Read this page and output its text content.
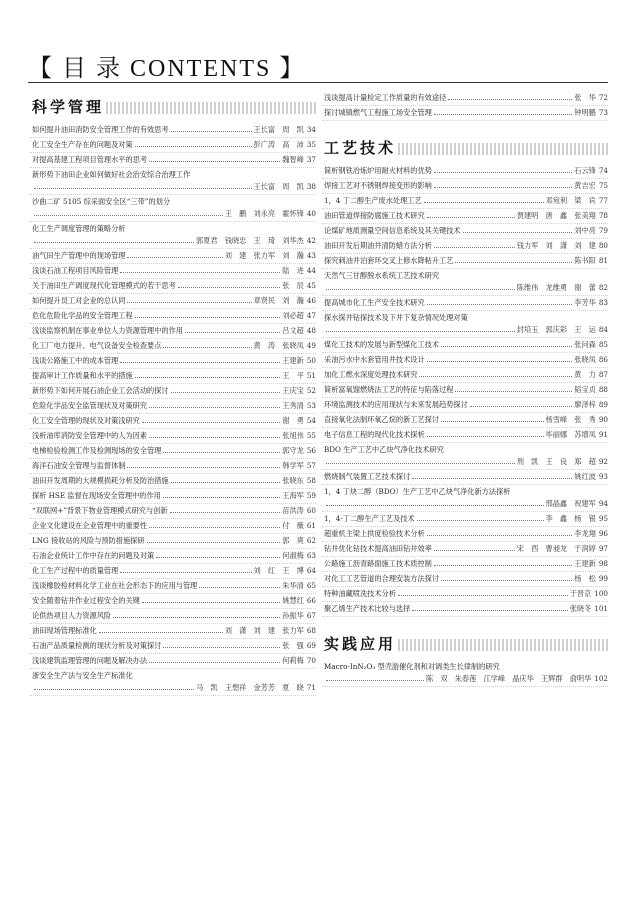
【 目 录 CONTENTS 】
科学管理
如何提升油田消防安全管理工作的有效思考	王长富　周　凯 34
化工安全生产存在的问题及对策	彭广涛　高　沛 35
对提高基建工程项目管理水平的思考	魏智峰 37
新形势下油田企业如何做好社会治安综合治理工作
王长富　周　凯 38
沙曲二矿 5105 综采面安全区“三带”的划分
王　鹏　刘永亮　霍怀锋 40
化工生产调度管理的策略分析
郭夏君　钱晓忠　王　琦　刘华杰 42
油气田生产管理中的现场管理	刘　建　张力军　刘　瀚 43
浅谈石油工程项目风险管理	陆　进 44
关于油田生产调度现代化管理模式的若干思考	张　辰 45
如何提升员工对企业的总认同	章贤民　刘　瀚 46
危化危险化学品的安全管理工程	刘必超 47
浅谈监察机制在事业单位人力资源管理中的作用	吕文超 48
化工厂电力提升、电气设备安全检查要点	黄　涛　张晓凤 49
浅谈公路施工中的成本管理	王建新 50
提高审计工作质量和水平的措施	王　平 51
新形势下如何开展石油企业工会活动的探讨	王庆宝 52
危险化学品安全监管现状及对策研究	王秀清 53
化工安全管理的现状及对策浅研究	谢　勇 54
浅析油库消防安全管理中的人为因素	张旭伟 55
电梯检验检测工作及检测现场的安全管理	郭守龙 56
海洋石油安全管理与监督体制	韩学军 57
油田开发周期的大规模损耗分析及防治措施	张晓东 58
探析 HSE 监督在现场安全管理中的作用	王海军 59
“双联网+”背景下物业管理模式研究与创新	苗洪涛 60
企业文化建设在企业管理中的重要性	付　薇 61
LNG 接收站的风险与预防措施探研	郭　爽 62
石油企业统计工作中存在的问题及对策	何淑梅 63
化工生产过程中的质量管理	刘　红　王　博 64
浅谈橡胶检材料化学工业在社会形态下的应用与管理	朱华清 65
安全随着钻井作业过程安全的关键	姚慧红 66
论供热项目人力资源风险	孙振华 67
油田现场管理标准化	刘　潇　刘　建　张力军 68
石油产品质量检测的现状分析及对策探讨	张　强 69
浅谈建筑监理管理的问题及解决办法	何莉梅 70
浙安全生产法与安全生产标准化
马　凯　王想祥　金芳芳　夏　晓 71
浅谈提高计量检定工作质量的有效途径	张　华 72
探讨城镇燃气工程施工场安全管理	钟明鹏 73
工艺技术
简析钢铁冶炼炉用耐火材料的优势	石云锋 74
焊接工艺对不锈钢焊接变形的影响	黄吉宏 75
1，4 丁二醇生产废水处理工艺	邓宛利　梁　宾 77
油田管道焊接防腐施工技术研究	贾建明　唐　鑫　张美翔 78
论煤矿地质测量空间信息系统及其关键技术	刘中亮 79
油田开发后期油井清防蜡方法分析	钱力军　刘　潇　刘　建 80
探究刺油井泊套环交叉上修水降粘升工艺	陈书阳 81
天然气三甘醇脱水系统工艺技术研究
陈维伟　龙维勇　谢　蕾 82
提高城市化工生产安全技术研究	李芳华 83
探水探井钻探技术及下井下复杂情况处理对策
封培玉　郭庆彩　王　运 84
煤化工技术的发展与新型煤化工技术	张问森 85
采油污水中水套管用井技术设计	张晓凤 86
加化工燃水深度处理技术研究	黄　力 87
简析富氧馏燃烧法工艺的特征与陷落过程	韬宝贞 88
环境监测技术的应用现状与未来发展趋势探讨	廖泽梓 89
直接氧化法制环氧乙烷的新工艺探讨	杨雪峰　张　秀 90
电子信息工程的现代化技术探析	毕丽娜　苏增凤 91
BDO 生产工艺中乙炔气净化技术研究
刑　凯　王　良　郑　超 92
燃烧制气装置工艺技术探讨	姚红波 93
1，4 丁炔二醇（BDO）生产工艺中乙炔气净化新方法探析
邢晶鑫　祝建军 94
1，4-丁二醇生产工艺及技术	李　鑫　杨　银 95
超重机主梁上拱度检验技术分析	李龙翔 96
钻井优化钻技术提高油田钻井效率	宋　西　曹昶龙　于润婷 97
公路施工沥青路面施工技术质控制	王建新 98
对化工工艺管道的合理安装方法探讨	杨　松 99
特种油藏喷洗技术分析	于晋京 100
聚乙烯生产技术比较与选择	张晓冬 101
实践应用
Macro-InN₂O₃ 型壳游催化剂和对调类生长律制的研究
陈　双　朱春莲　江学峰　晶庆华　王辉群　俞明华 102
